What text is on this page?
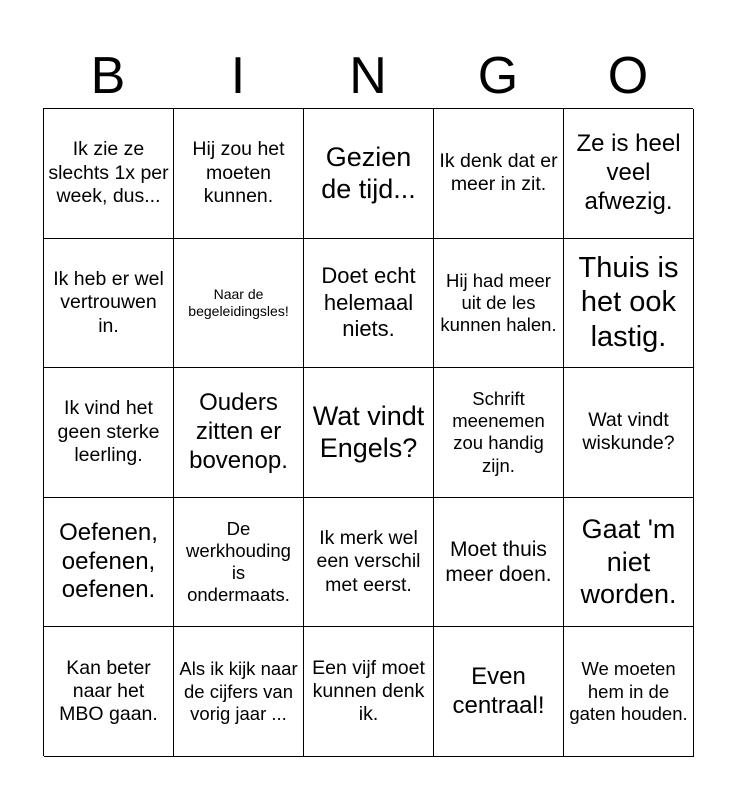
B	I	N	G	O
Ik zie ze slechts 1x per week, dus...
Hij zou het moeten kunnen.
Gezien de tijd...
Ik denk dat er meer in zit.
Ze is heel veel afwezig.
Ik heb er wel vertrouwen in.
Naar de begeleidingsles!
Doet echt helemaal niets.
Hij had meer uit de les kunnen halen.
Thuis is het ook lastig.
Ik vind het geen sterke leerling.
Ouders zitten er bovenop.
Wat vindt Engels?
Schrift meenemen zou handig zijn.
Wat vindt wiskunde?
Oefenen, oefenen, oefenen.
De werkhouding is ondermaats.
Ik merk wel een verschil met eerst.
Moet thuis meer doen.
Gaat 'm niet worden.
Kan beter naar het MBO gaan.
Als ik kijk naar de cijfers van vorig jaar ...
Een vijf moet kunnen denk ik.
Even centraal!
We moeten hem in de gaten houden.
